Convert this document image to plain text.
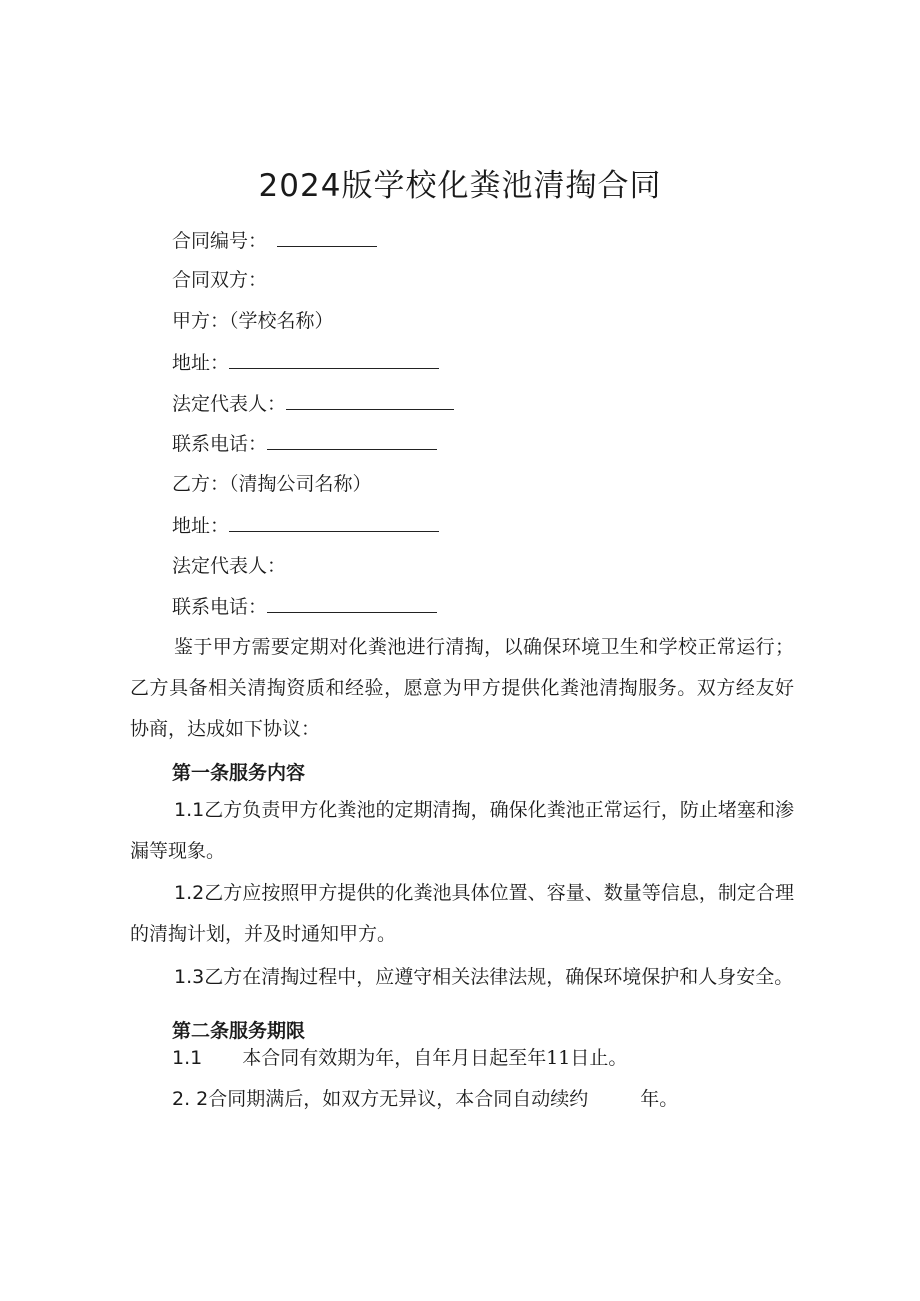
2024版学校化粪池清掏合同
合同编号：
合同双方：
甲方：（学校名称）
地址：
法定代表人：
联系电话：
乙方：（清掏公司名称）
地址：
法定代表人：
联系电话：

鉴于甲方需要定期对化粪池进行清掏，以确保环境卫生和学校正常运行；乙方具备相关清掏资质和经验，愿意为甲方提供化粪池清掏服务。双方经友好协商，达成如下协议：

第一条服务内容

1.1乙方负责甲方化粪池的定期清掏，确保化粪池正常运行，防止堵塞和渗漏等现象。

1.2乙方应按照甲方提供的化粪池具体位置、容量、数量等信息，制定合理的清掏计划，并及时通知甲方。

1.3乙方在清掏过程中，应遵守相关法律法规，确保环境保护和人身安全。

第二条服务期限
1.1 本合同有效期为年，自年月日起至年11日止。
2. 2合同期满后，如双方无异议，本合同自动续约	年。
